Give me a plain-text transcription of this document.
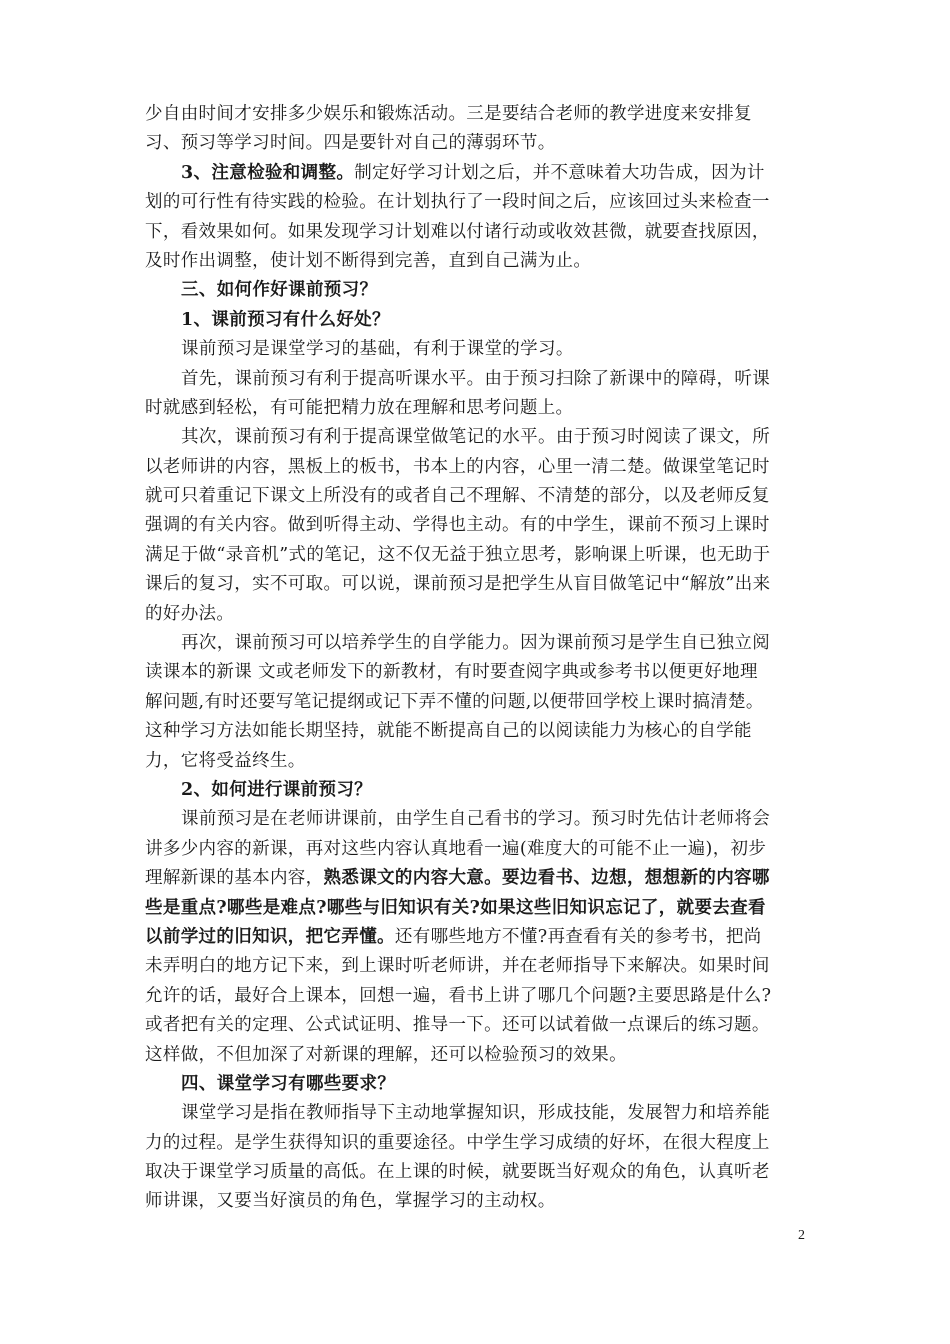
少自由时间才安排多少娱乐和锻炼活动。三是要结合老师的教学进度来安排复
习、预习等学习时间。四是要针对自己的薄弱环节。
3、注意检验和调整。制定好学习计划之后，并不意味着大功告成，因为计
划的可行性有待实践的检验。在计划执行了一段时间之后，应该回过头来检查一
下，看效果如何。如果发现学习计划难以付诸行动或收效甚微，就要查找原因，
及时作出调整，使计划不断得到完善，直到自己满为止。
三、如何作好课前预习？
1、课前预习有什么好处？
课前预习是课堂学习的基础，有利于课堂的学习。
首先，课前预习有利于提高听课水平。由于预习扫除了新课中的障碍，听课
时就感到轻松，有可能把精力放在理解和思考问题上。
其次，课前预习有利于提高课堂做笔记的水平。由于预习时阅读了课文，所
以老师讲的内容，黑板上的板书，书本上的内容，心里一清二楚。做课堂笔记时
就可只着重记下课文上所没有的或者自己不理解、不清楚的部分，以及老师反复
强调的有关内容。做到听得主动、学得也主动。有的中学生，课前不预习上课时
满足于做“录音机”式的笔记，这不仅无益于独立思考，影响课上听课，也无助于
课后的复习，实不可取。可以说，课前预习是把学生从盲目做笔记中“解放”出来
的好办法。
再次，课前预习可以培养学生的自学能力。因为课前预习是学生自已独立阅
读课本的新课 文或老师发下的新教材，有时要查阅字典或参考书以便更好地理
解问题,有时还要写笔记提纲或记下弄不懂的问题,以便带回学校上课时搞清楚。
这种学习方法如能长期坚持，就能不断提高自己的以阅读能力为核心的自学能
力，它将受益终生。
2、如何进行课前预习？
课前预习是在老师讲课前，由学生自己看书的学习。预习时先估计老师将会
讲多少内容的新课，再对这些内容认真地看一遍(难度大的可能不止一遍)，初步
理解新课的基本内容，熟悉课文的内容大意。要边看书、边想，想想新的内容哪
些是重点?哪些是难点?哪些与旧知识有关?如果这些旧知识忘记了，就要去查看
以前学过的旧知识，把它弄懂。还有哪些地方不懂?再查看有关的参考书，把尚
未弄明白的地方记下来，到上课时听老师讲，并在老师指导下来解决。如果时间
允许的话，最好合上课本，回想一遍，看书上讲了哪几个问题?主要思路是什么?
或者把有关的定理、公式试证明、推导一下。还可以试着做一点课后的练习题。
这样做，不但加深了对新课的理解，还可以检验预习的效果。
四、课堂学习有哪些要求？
课堂学习是指在教师指导下主动地掌握知识，形成技能，发展智力和培养能
力的过程。是学生获得知识的重要途径。中学生学习成绩的好坏，在很大程度上
取决于课堂学习质量的高低。在上课的时候，就要既当好观众的角色，认真听老
师讲课，又要当好演员的角色，掌握学习的主动权。
2
